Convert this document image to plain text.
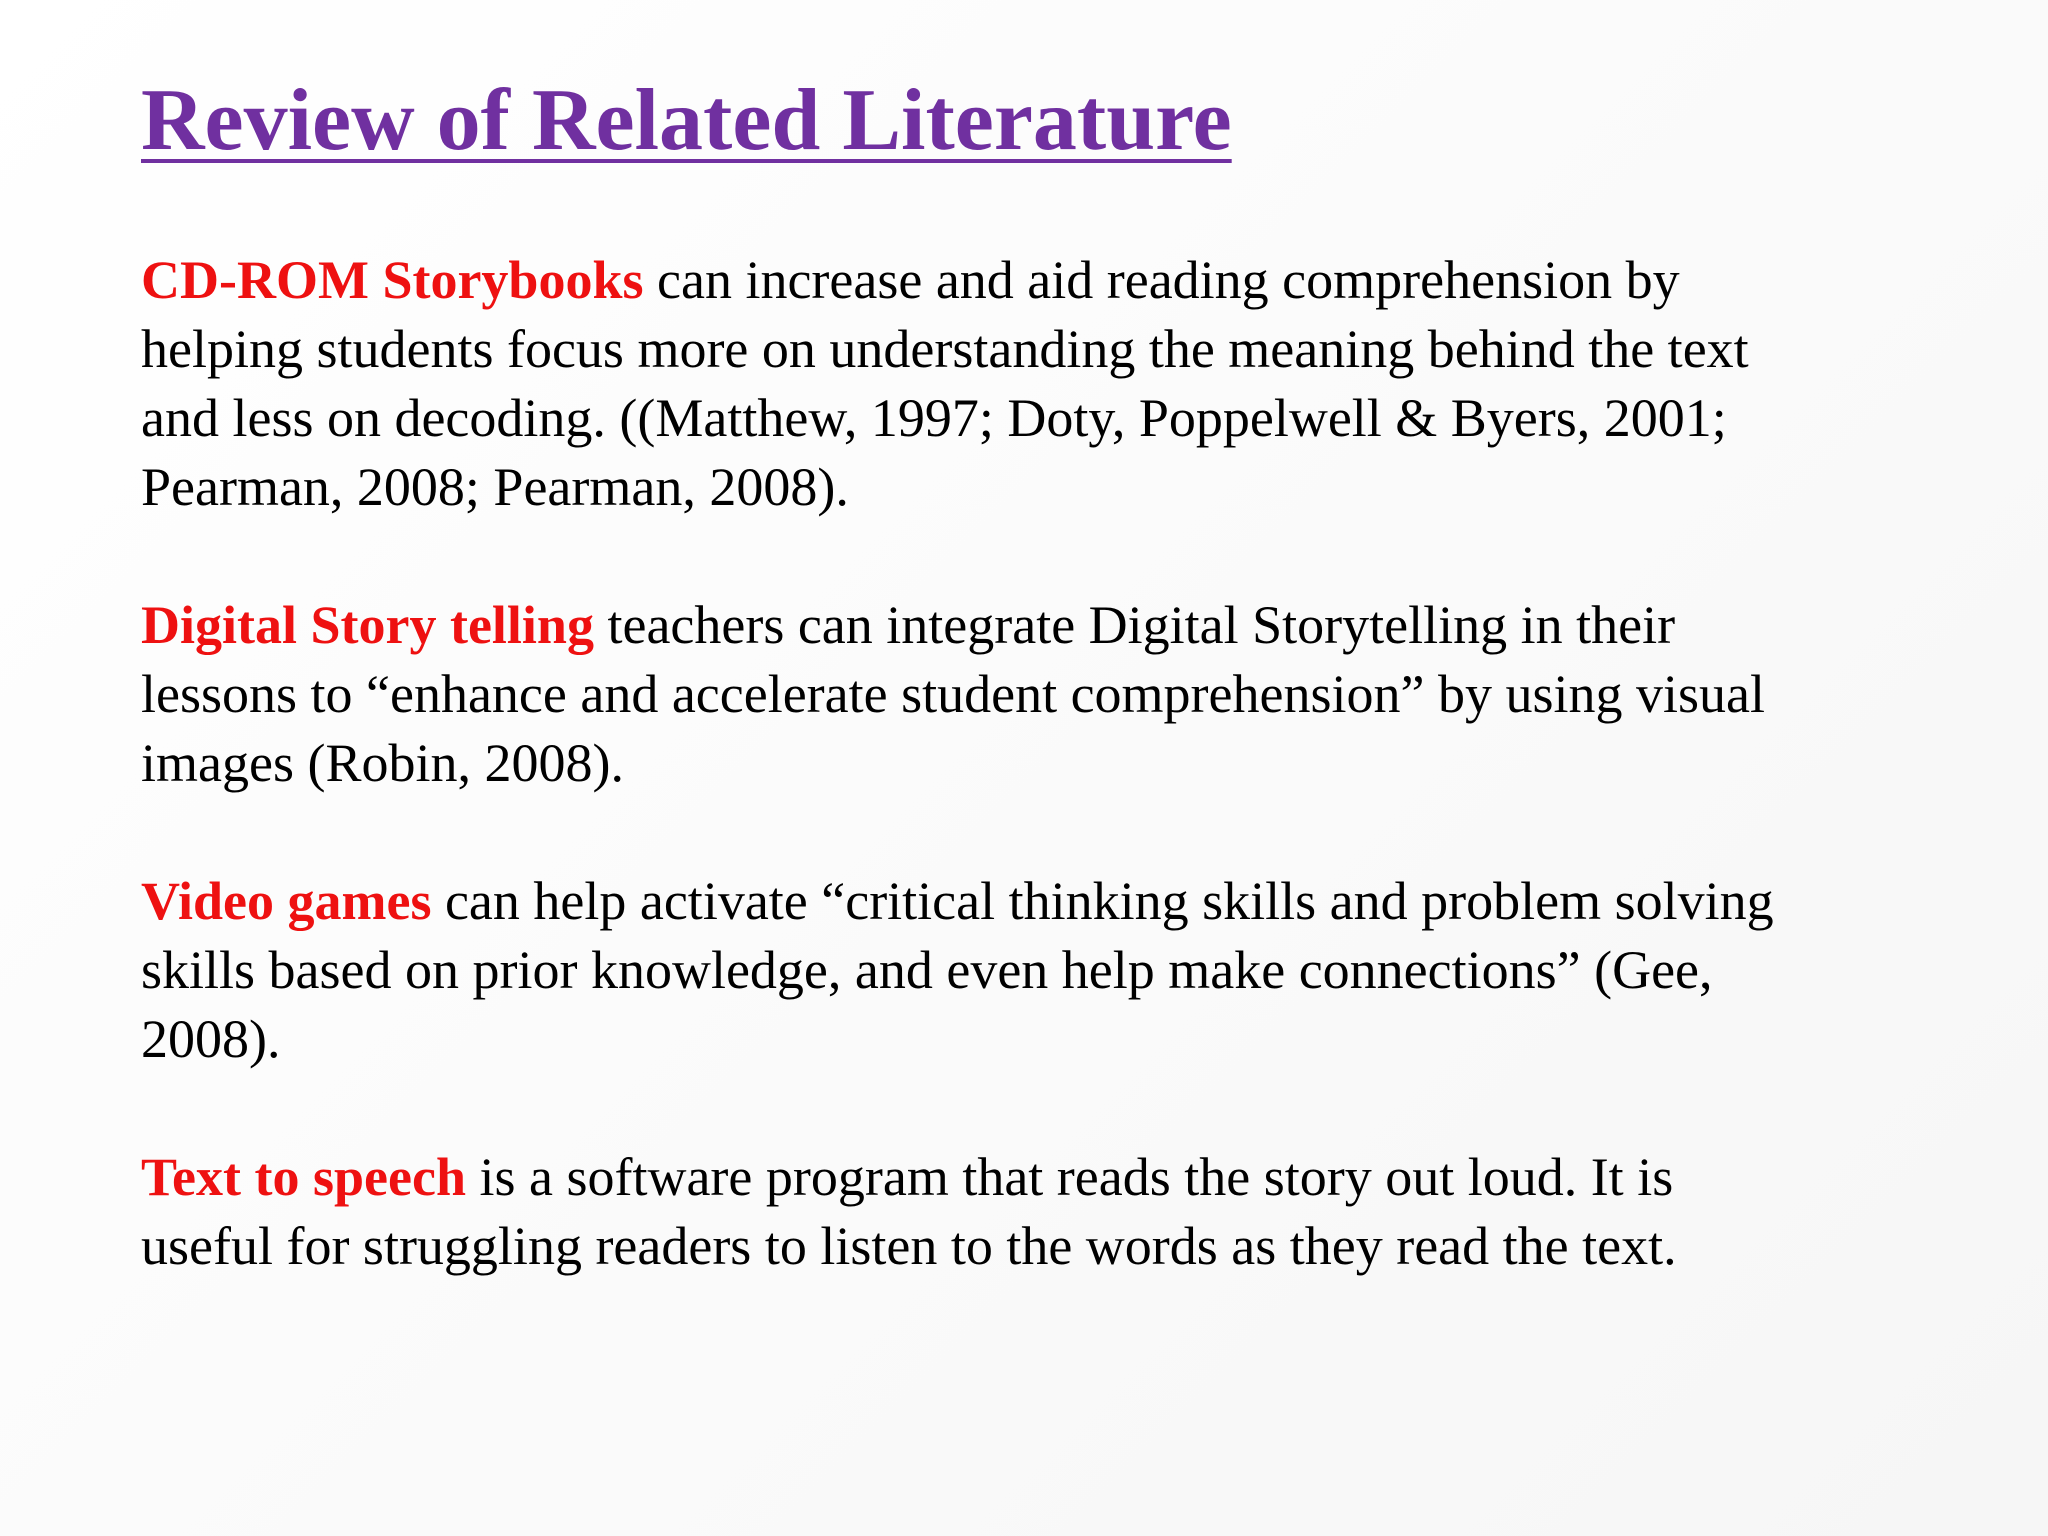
Review of Related Literature

CD-ROM Storybooks can increase and aid reading comprehension by
helping students focus more on understanding the meaning behind the text
and less on decoding. ((Matthew, 1997; Doty, Poppelwell & Byers, 2001;
Pearman, 2008; Pearman, 2008).

Digital Story telling teachers can integrate Digital Storytelling in their
lessons to “enhance and accelerate student comprehension” by using visual
images (Robin, 2008).

Video games can help activate “critical thinking skills and problem solving
skills based on prior knowledge, and even help make connections” (Gee,
2008).

Text to speech is a software program that reads the story out loud. It is
useful for struggling readers to listen to the words as they read the text.
